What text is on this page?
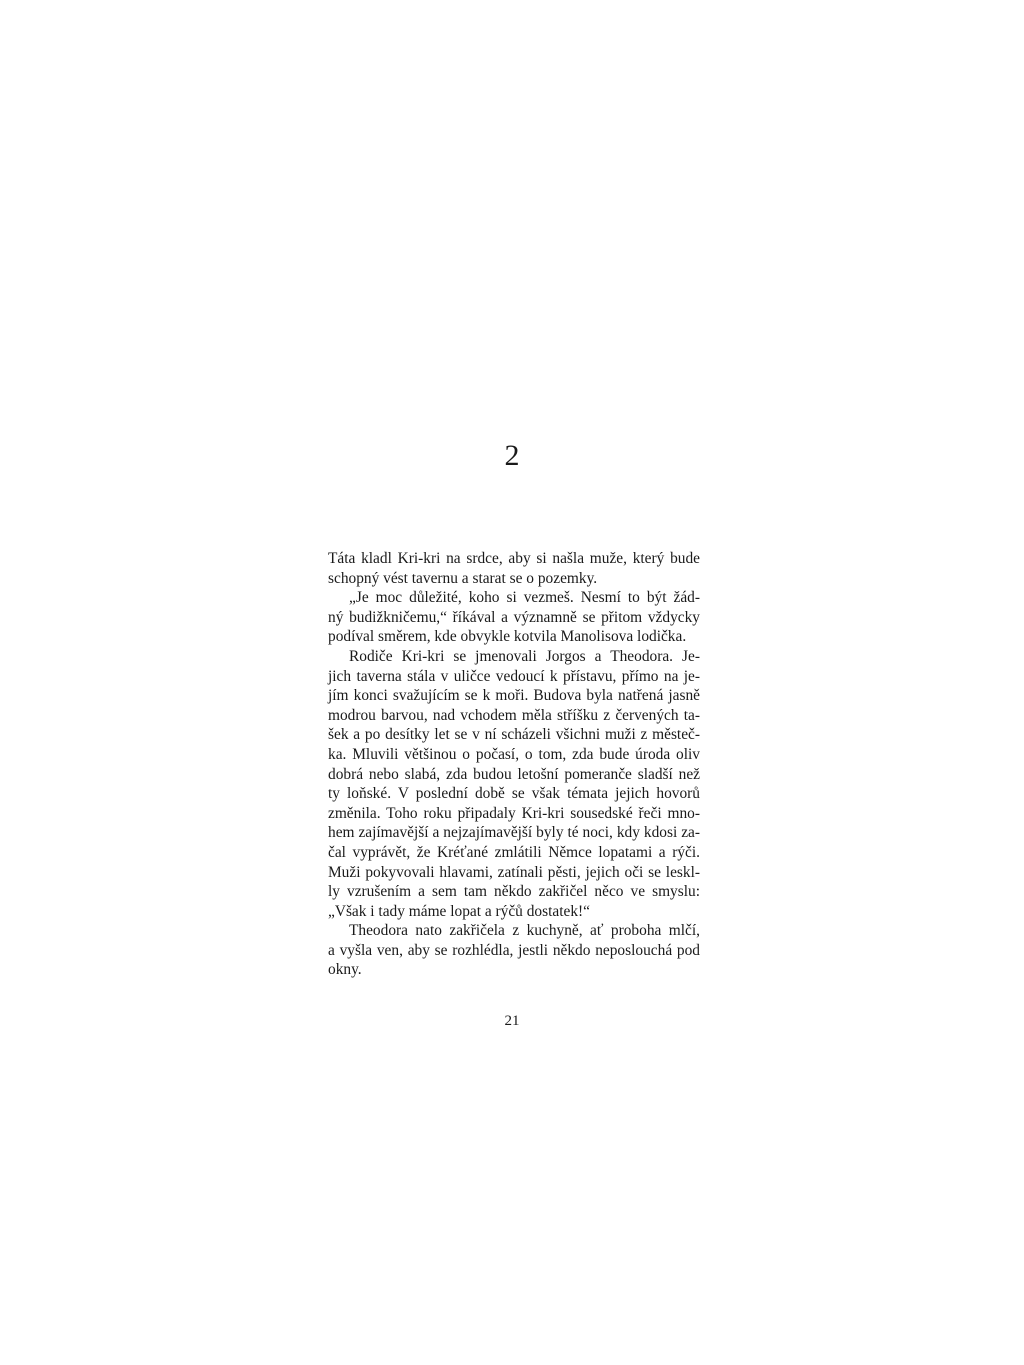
2
Táta kladl Kri-kri na srdce, aby si našla muže, který bude
schopný vést tavernu a starat se o pozemky.
„Je moc důležité, koho si vezmeš. Nesmí to být žád-
ný budižkničemu,“ říkával a významně se přitom vždycky
podíval směrem, kde obvykle kotvila Manolisova lodička.
Rodiče Kri-kri se jmenovali Jorgos a Theodora. Je-
jich taverna stála v uličce vedoucí k přístavu, přímo na je-
jím konci svažujícím se k moři. Budova byla natřená jasně
modrou barvou, nad vchodem měla stříšku z červených ta-
šek a po desítky let se v ní scházeli všichni muži z městeč-
ka. Mluvili většinou o počasí, o tom, zda bude úroda oliv
dobrá nebo slabá, zda budou letošní pomeranče sladší než
ty loňské. V poslední době se však témata jejich hovorů
změnila. Toho roku připadaly Kri-kri sousedské řeči mno-
hem zajímavější a nejzajímavější byly té noci, kdy kdosi za-
čal vyprávět, že Kréťané zmlátili Němce lopatami a rýči.
Muži pokyvovali hlavami, zatínali pěsti, jejich oči se leskl-
ly vzrušením a sem tam někdo zakřičel něco ve smyslu:
„Však i tady máme lopat a rýčů dostatek!“
Theodora nato zakřičela z kuchyně, ať proboha mlčí,
a vyšla ven, aby se rozhlédla, jestli někdo neposlouchá pod
okny.
21
